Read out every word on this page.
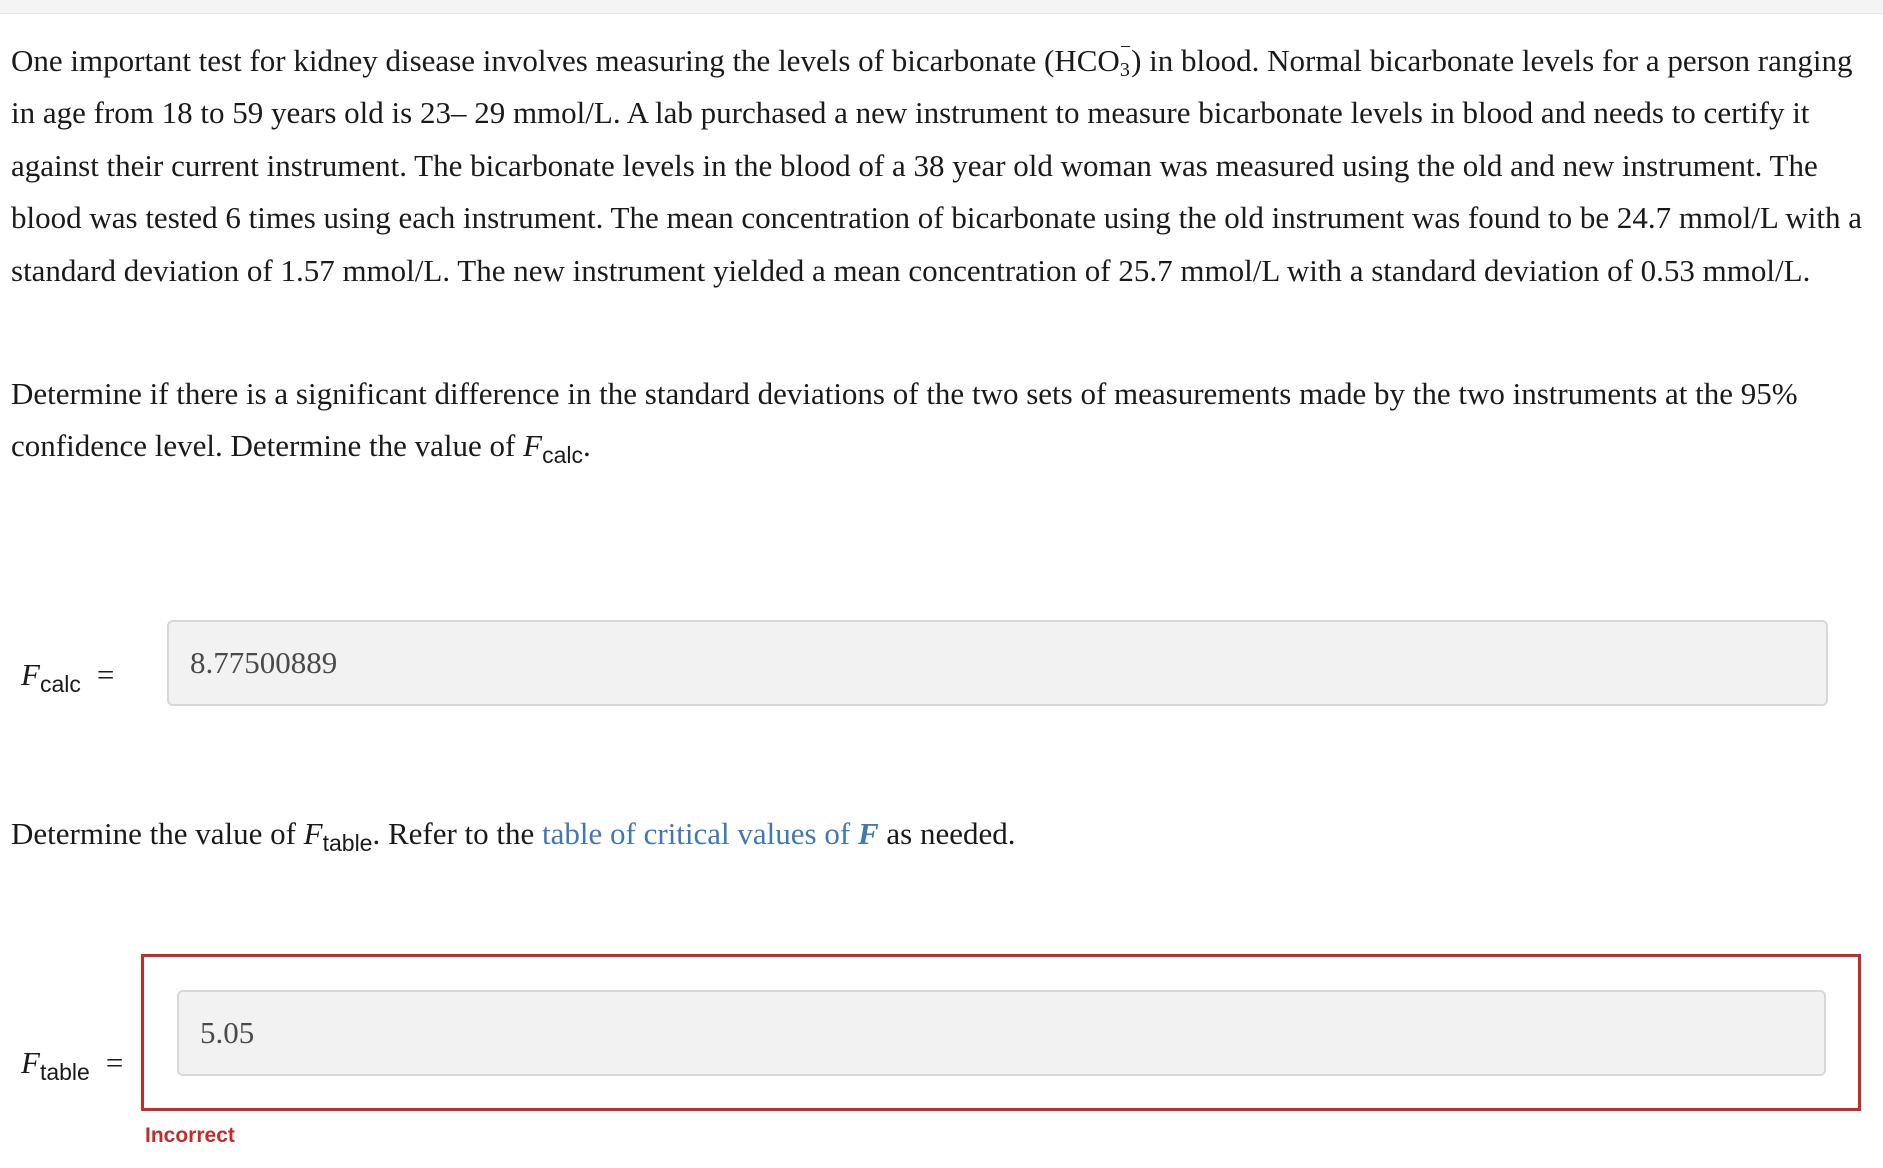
One important test for kidney disease involves measuring the levels of bicarbonate $(HCO_3^-)$ in blood. Normal bicarbonate levels for a person ranging in age from 18 to 59 years old is 23– 29 mmol/L. A lab purchased a new instrument to measure bicarbonate levels in blood and needs to certify it against their current instrument. The bicarbonate levels in the blood of a 38 year old woman was measured using the old and new instrument. The blood was tested 6 times using each instrument. The mean concentration of bicarbonate using the old instrument was found to be 24.7 mmol/L with a standard deviation of 1.57 mmol/L. The new instrument yielded a mean concentration of 25.7 mmol/L with a standard deviation of 0.53 mmol/L.

Determine if there is a significant difference in the standard deviations of the two sets of measurements made by the two instruments at the 95% confidence level. Determine the value of $F_{calc}$.

$F_{calc} = 8.77500889$

Determine the value of $F_{table}$. Refer to the table of critical values of F as needed.

$F_{table}$ =
5.05
Incorrect
